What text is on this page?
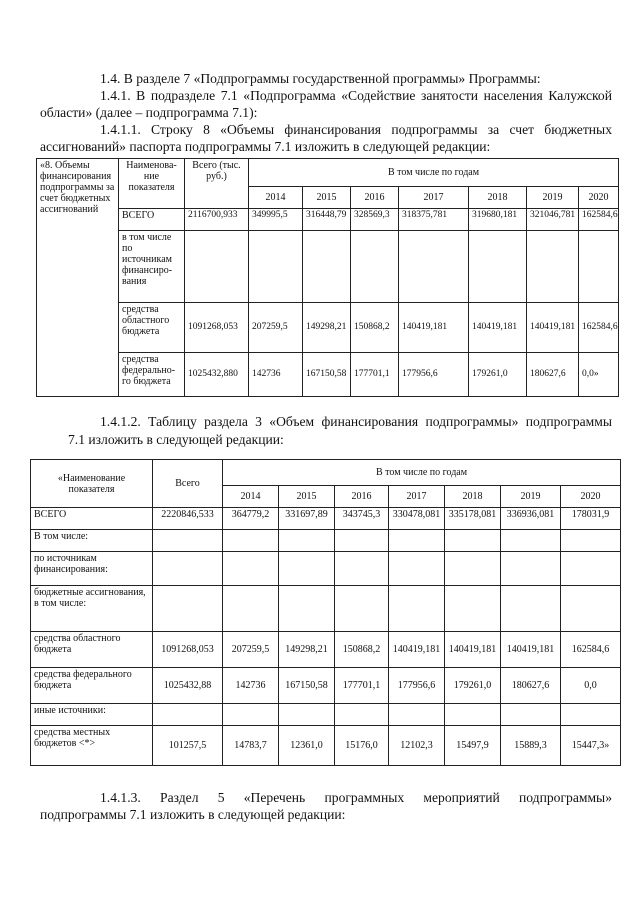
1.4. В разделе 7 «Подпрограммы государственной программы» Программы:
1.4.1. В подразделе 7.1 «Подпрограмма «Содействие занятости населения Калужской
области» (далее – подпрограмма 7.1):
1.4.1.1. Строку 8 «Объемы финансирования подпрограммы за счет бюджетных
ассигнований» паспорта подпрограммы 7.1 изложить в следующей редакции:
«8. Объемы финансирования подпрограммы за счет бюджетных ассигнований	Наименова-ние показателя	Всего (тыс. руб.)	В том числе по годам						
			2014	2015	2016	2017	2018	2019	2020
	ВСЕГО	2116700,933	349995,5	316448,79	328569,3	318375,781	319680,181	321046,781	162584,6
	в том числе по источникам финансиро-вания								
	средства областного бюджета	1091268,053	207259,5	149298,21	150868,2	140419,181	140419,181	140419,181	162584,6
	средства федерально-го бюджета	1025432,880	142736	167150,58	177701,1	177956,6	179261,0	180627,6	0,0»
1.4.1.2. Таблицу раздела 3 «Объем финансирования подпрограммы» подпрограммы
7.1 изложить в следующей редакции:
«Наименование показателя	Всего	В том числе по годам						
		2014	2015	2016	2017	2018	2019	2020
ВСЕГО	2220846,533	364779,2	331697,89	343745,3	330478,081	335178,081	336936,081	178031,9
В том числе:								
по источникам финансирования:								
бюджетные ассигнования, в том числе:								
средства областного бюджета	1091268,053	207259,5	149298,21	150868,2	140419,181	140419,181	140419,181	162584,6
средства федерального бюджета	1025432,88	142736	167150,58	177701,1	177956,6	179261,0	180627,6	0,0
иные источники:								
средства местных бюджетов <*>	101257,5	14783,7	12361,0	15176,0	12102,3	15497,9	15889,3	15447,3»
1.4.1.3. Раздел 5 «Перечень программных мероприятий подпрограммы»
подпрограммы 7.1 изложить в следующей редакции:
